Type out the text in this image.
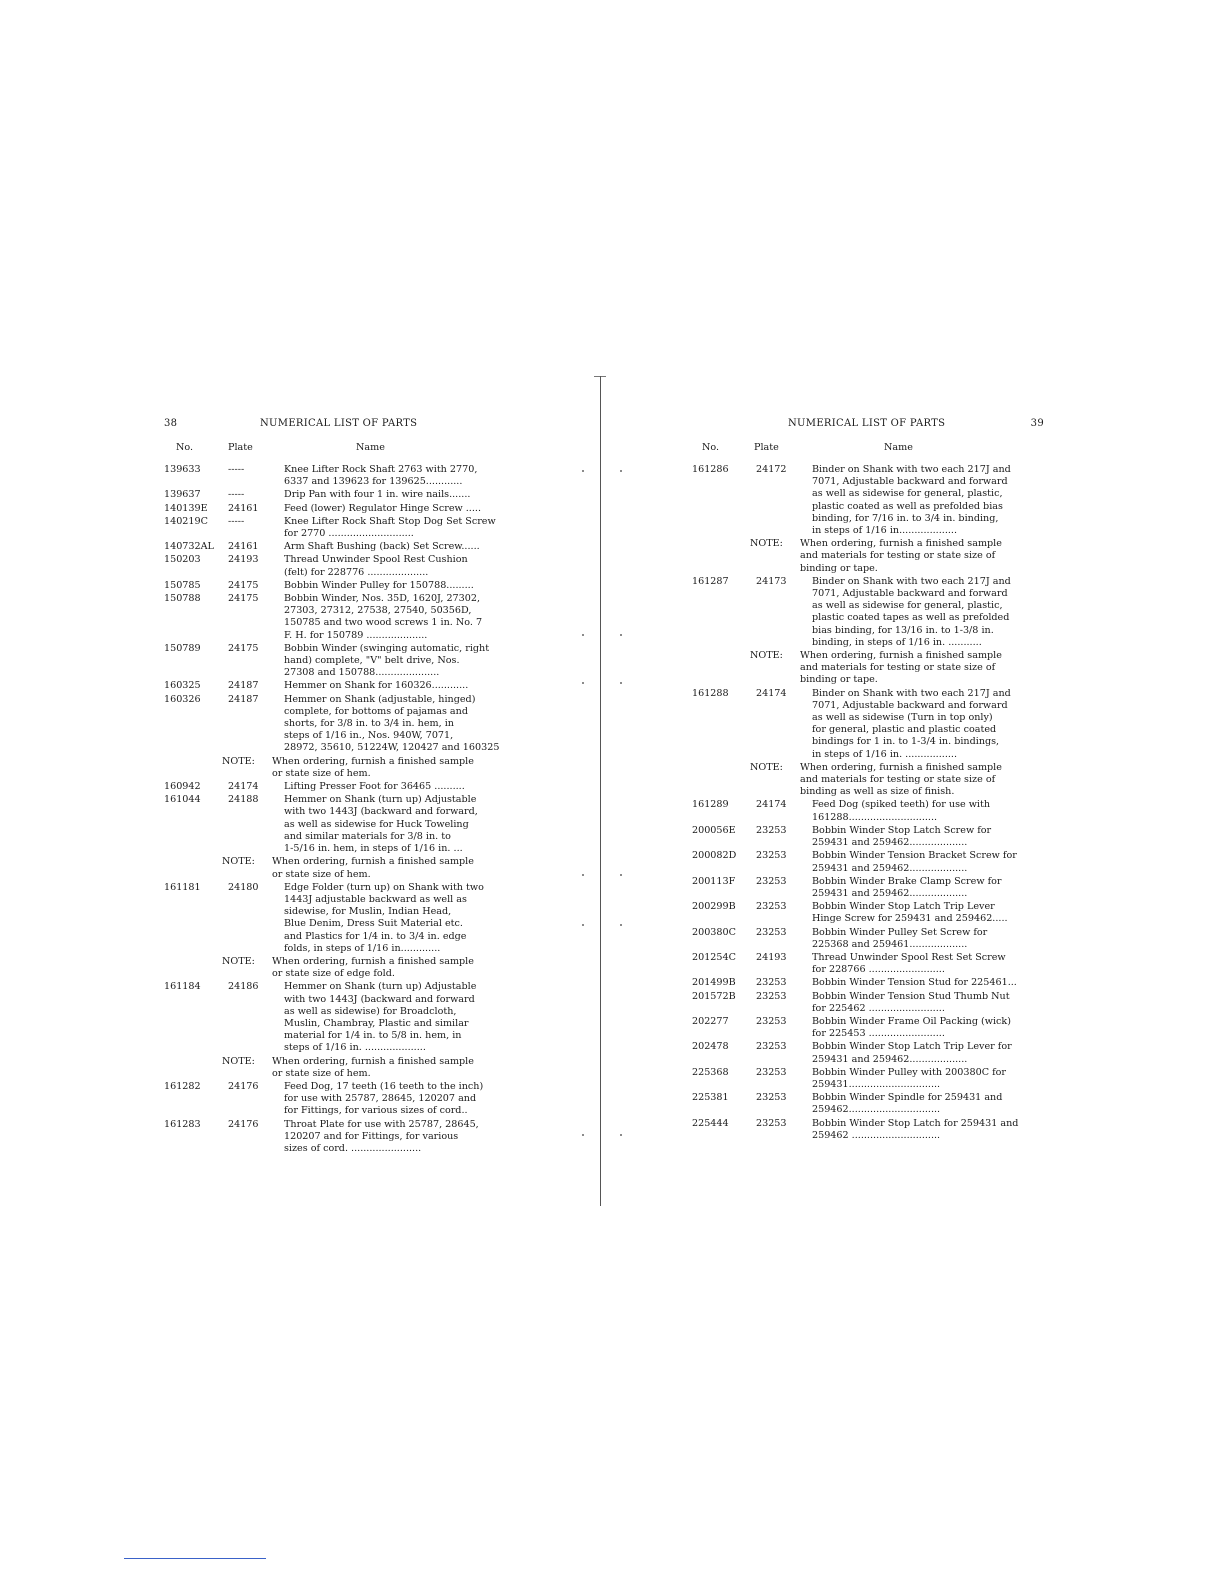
38	NUMERICAL LIST OF PARTS
No.	Plate	Name
139633	-----	Knee Lifter Rock Shaft 2763 with 2770,
6337 and 139623 for 139625............
139637	-----	Drip Pan with four 1 in. wire nails.......
140139E 24161	Feed (lower) Regulator Hinge Screw .....
140219C -----	Knee Lifter Rock Shaft Stop Dog Set Screw
for 2770 ............................
140732AL 24161	Arm Shaft Bushing (back) Set Screw......
150203	24193	Thread Unwinder Spool Rest Cushion
(felt) for 228776 ....................
150785	24175	Bobbin Winder Pulley for 150788.........
150788	24175	Bobbin Winder, Nos. 35D, 1620J, 27302,
27303, 27312, 27538, 27540, 50356D,
150785 and two wood screws 1 in. No. 7
F. H. for 150789 ....................
150789	24175	Bobbin Winder (swinging automatic, right
hand) complete, "V" belt drive, Nos.
27308 and 150788.....................
160325	24187	Hemmer on Shank for 160326............
160326	24187	Hemmer on Shank (adjustable, hinged)
complete, for bottoms of pajamas and
shorts, for 3/8 in. to 3/4 in. hem, in
steps of 1/16 in., Nos. 940W, 7071,
28972, 35610, 51224W, 120427 and 160325
NOTE: When ordering, furnish a finished sample
or state size of hem.
160942	24174	Lifting Presser Foot for 36465 ..........
161044	24188	Hemmer on Shank (turn up) Adjustable
with two 1443J (backward and forward,
as well as sidewise for Huck Toweling
and similar materials for 3/8 in. to
1-5/16 in. hem, in steps of 1/16 in. ...
NOTE: When ordering, furnish a finished sample
or state size of hem.
161181	24180	Edge Folder (turn up) on Shank with two
1443J adjustable backward as well as
sidewise, for Muslin, Indian Head,
Blue Denim, Dress Suit Material etc.
and Plastics for 1/4 in. to 3/4 in. edge
folds, in steps of 1/16 in.............
NOTE: When ordering, furnish a finished sample
or state size of edge fold.
161184	24186	Hemmer on Shank (turn up) Adjustable
with two 1443J (backward and forward
as well as sidewise) for Broadcloth,
Muslin, Chambray, Plastic and similar
material for 1/4 in. to 5/8 in. hem, in
steps of 1/16 in. ....................
NOTE: When ordering, furnish a finished sample
or state size of hem.
161282	24176	Feed Dog, 17 teeth (16 teeth to the inch)
for use with 25787, 28645, 120207 and
for Fittings, for various sizes of cord..
161283	24176	Throat Plate for use with 25787, 28645,
120207 and for Fittings, for various
sizes of cord. .......................
NUMERICAL LIST OF PARTS	39
No.	Plate	Name
161286	24172	Binder on Shank with two each 217J and
7071, Adjustable backward and forward
as well as sidewise for general, plastic,
plastic coated as well as prefolded bias
binding, for 7/16 in. to 3/4 in. binding,
in steps of 1/16 in...................
NOTE: When ordering, furnish a finished sample
and materials for testing or state size of
binding or tape.
161287	24173	Binder on Shank with two each 217J and
7071, Adjustable backward and forward
as well as sidewise for general, plastic,
plastic coated tapes as well as prefolded
bias binding, for 13/16 in. to 1-3/8 in.
binding, in steps of 1/16 in. ...........
NOTE: When ordering, furnish a finished sample
and materials for testing or state size of
binding or tape.
161288	24174	Binder on Shank with two each 217J and
7071, Adjustable backward and forward
as well as sidewise (Turn in top only)
for general, plastic and plastic coated
bindings for 1 in. to 1-3/4 in. bindings,
in steps of 1/16 in. .................
NOTE: When ordering, furnish a finished sample
and materials for testing or state size of
binding as well as size of finish.
161289	24174	Feed Dog (spiked teeth) for use with
161288.............................
200056E 23253	Bobbin Winder Stop Latch Screw for
259431 and 259462...................
200082D 23253	Bobbin Winder Tension Bracket Screw for
259431 and 259462...................
200113F 23253	Bobbin Winder Brake Clamp Screw for
259431 and 259462...................
200299B 23253	Bobbin Winder Stop Latch Trip Lever
Hinge Screw for 259431 and 259462.....
200380C 23253	Bobbin Winder Pulley Set Screw for
225368 and 259461...................
201254C 24193	Thread Unwinder Spool Rest Set Screw
for 228766 .........................
201499B 23253	Bobbin Winder Tension Stud for 225461...
201572B 23253	Bobbin Winder Tension Stud Thumb Nut
for 225462 .........................
202277	23253	Bobbin Winder Frame Oil Packing (wick)
for 225453 .........................
202478	23253	Bobbin Winder Stop Latch Trip Lever for
259431 and 259462...................
225368	23253	Bobbin Winder Pulley with 200380C for
259431..............................
225381	23253	Bobbin Winder Spindle for 259431 and
259462..............................
225444	23253	Bobbin Winder Stop Latch for 259431 and
259462 .............................
